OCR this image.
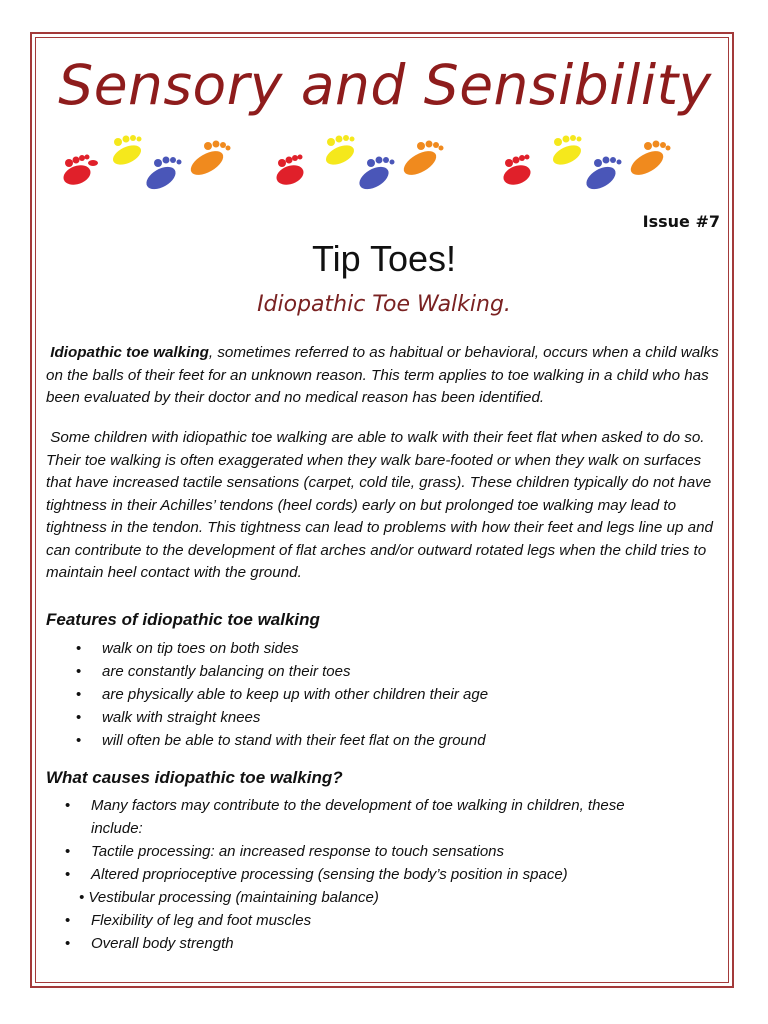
Sensory and Sensibility
Issue #7
Tip Toes!
Idiopathic Toe Walking.

Idiopathic toe walking, sometimes referred to as habitual or behavioral, occurs when a child walks on the balls of their feet for an unknown reason. This term applies to toe walking in a child who has been evaluated by their doctor and no medical reason has been identified.

Some children with idiopathic toe walking are able to walk with their feet flat when asked to do so. Their toe walking is often exaggerated when they walk bare-footed or when they walk on surfaces that have increased tactile sensations (carpet, cold tile, grass). These children typically do not have tightness in their Achilles’ tendons (heel cords) early on but prolonged toe walking may lead to tightness in the tendon. This tightness can lead to problems with how their feet and legs line up and can contribute to the development of flat arches and/or outward rotated legs when the child tries to maintain heel contact with the ground.

Features of idiopathic toe walking
• walk on tip toes on both sides
• are constantly balancing on their toes
• are physically able to keep up with other children their age
• walk with straight knees
• will often be able to stand with their feet flat on the ground
What causes idiopathic toe walking?
• Many factors may contribute to the development of toe walking in children, these
include:
• Tactile processing: an increased response to touch sensations
• Altered proprioceptive processing (sensing the body’s position in space)
• Vestibular processing (maintaining balance)
• Flexibility of leg and foot muscles
• Overall body strength
